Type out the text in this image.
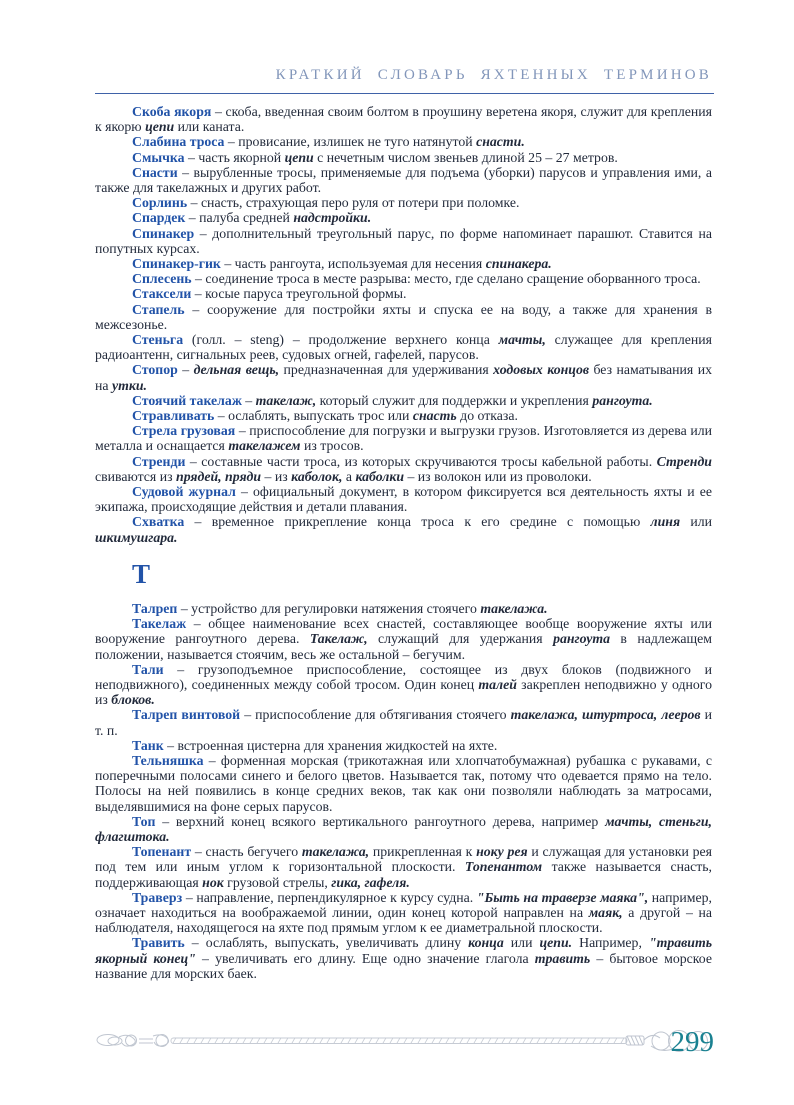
КРАТКИЙ СЛОВАРЬ ЯХТЕННЫХ ТЕРМИНОВ

Скоба якоря – скоба, введенная своим болтом в проушину веретена якоря, служит для крепления к якорю цепи или каната.

Слабина троса – провисание, излишек не туго натянутой снасти.

Смычка – часть якорной цепи с нечетным числом звеньев длиной 25 – 27 метров.

Снасти – вырубленные тросы, применяемые для подъема (уборки) парусов и управления ими, а также для такелажных и других работ.

Сорлинь – снасть, страхующая перо руля от потери при поломке.

Спардек – палуба средней надстройки.

Спинакер – дополнительный треугольный парус, по форме напоминает парашют. Ставится на попутных курсах.

Спинакер-гик – часть рангоута, используемая для несения спинакера.

Сплесень – соединение троса в месте разрыва: место, где сделано сращение оборванного троса.

Стаксели – косые паруса треугольной формы.

Стапель – сооружение для постройки яхты и спуска ее на воду, а также для хранения в межсезонье.

Стеньга (голл. – steng) – продолжение верхнего конца мачты, служащее для крепления радиоантенн, сигнальных реев, судовых огней, гафелей, парусов.

Стопор – дельная вещь, предназначенная для удерживания ходовых концов без наматывания их на утки.

Стоячий такелаж – такелаж, который служит для поддержки и укрепления рангоута.

Стравливать – ослаблять, выпускать трос или снасть до отказа.

Стрела грузовая – приспособление для погрузки и выгрузки грузов. Изготовляется из дерева или металла и оснащается такелажем из тросов.

Стренди – составные части троса, из которых скручиваются тросы кабельной работы. Стренди свиваются из прядей, пряди – из каболок, а каболки – из волокон или из проволоки.

Судовой журнал – официальный документ, в котором фиксируется вся деятельность яхты и ее экипажа, происходящие действия и детали плавания.

Схватка – временное прикрепление конца троса к его средине с помощью линя или шкимушгара.

Т

Талреп – устройство для регулировки натяжения стоячего такелажа.

Такелаж – общее наименование всех снастей, составляющее вообще вооружение яхты или вооружение рангоутного дерева. Такелаж, служащий для удержания рангоута в надлежащем положении, называется стоячим, весь же остальной – бегучим.

Тали – грузоподъемное приспособление, состоящее из двух блоков (подвижного и неподвижного), соединенных между собой тросом. Один конец талей закреплен неподвижно у одного из блоков.

Талреп винтовой – приспособление для обтягивания стоячего такелажа, штуртроса, лееров и т. п.

Танк – встроенная цистерна для хранения жидкостей на яхте.

Тельняшка – форменная морская (трикотажная или хлопчатобумажная) рубашка с рукавами, с поперечными полосами синего и белого цветов. Называется так, потому что одевается прямо на тело. Полосы на ней появились в конце средних веков, так как они позволяли наблюдать за матросами, выделявшимися на фоне серых парусов.

Топ – верхний конец всякого вертикального рангоутного дерева, например мачты, стеньги, флагштока.

Топенант – снасть бегучего такелажа, прикрепленная к ноку рея и служащая для установки рея под тем или иным углом к горизонтальной плоскости. Топенантом также называется снасть, поддерживающая нок грузовой стрелы, гика, гафеля.

Траверз – направление, перпендикулярное к курсу судна. "Быть на траверзе маяка", например, означает находиться на воображаемой линии, один конец которой направлен на маяк, а другой – на наблюдателя, находящегося на яхте под прямым углом к ее диаметральной плоскости.

Травить – ослаблять, выпускать, увеличивать длину конца или цепи. Например, "травить якорный конец" – увеличивать его длину. Еще одно значение глагола травить – бытовое морское название для морских баек.

299
